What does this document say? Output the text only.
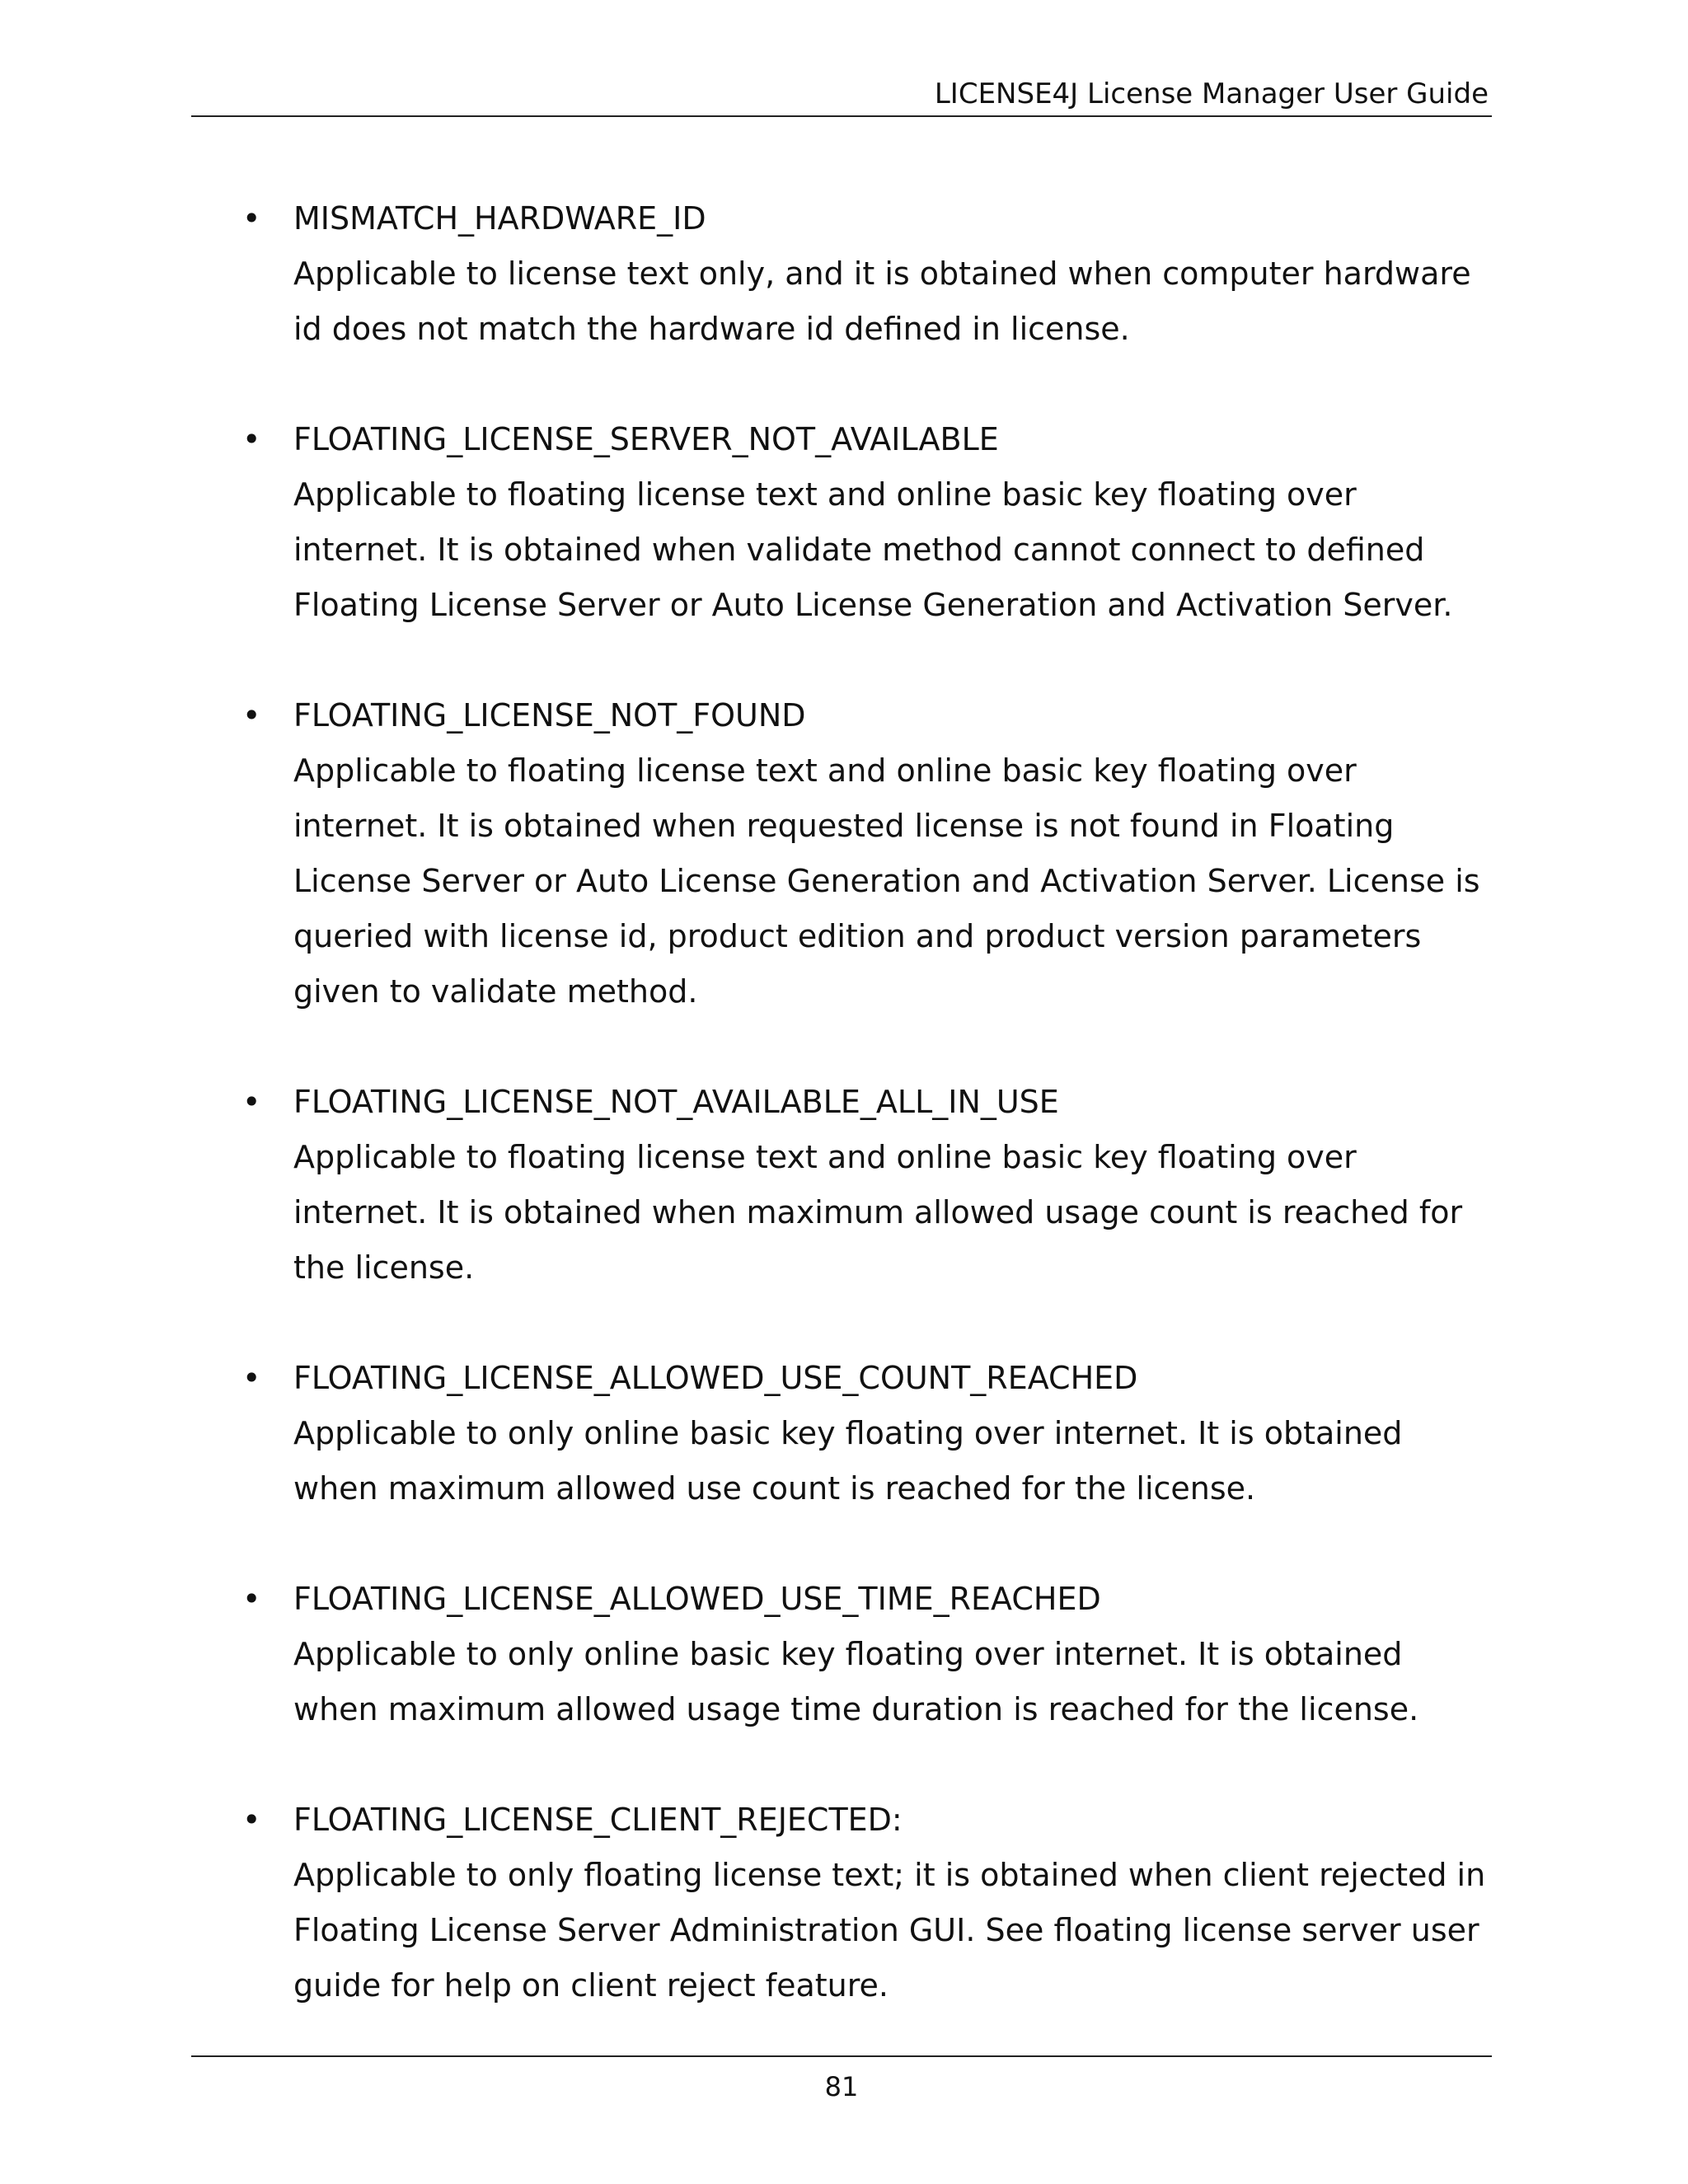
LICENSE4J License Manager User Guide
•	MISMATCH_HARDWARE_ID
Applicable to license text only, and it is obtained when computer hardware id does not match the hardware id defined in license.
•	FLOATING_LICENSE_SERVER_NOT_AVAILABLE
Applicable to floating license text and online basic key floating over internet. It is obtained when validate method cannot connect to defined Floating License Server or Auto License Generation and Activation Server.
•	FLOATING_LICENSE_NOT_FOUND
Applicable to floating license text and online basic key floating over internet. It is obtained when requested license is not found in Floating License Server or Auto License Generation and Activation Server. License is queried with license id, product edition and product version parameters given to validate method.
•	FLOATING_LICENSE_NOT_AVAILABLE_ALL_IN_USE
Applicable to floating license text and online basic key floating over internet. It is obtained when maximum allowed usage count is reached for the license.
•	FLOATING_LICENSE_ALLOWED_USE_COUNT_REACHED
Applicable to only online basic key floating over internet. It is obtained when maximum allowed use count is reached for the license.
•	FLOATING_LICENSE_ALLOWED_USE_TIME_REACHED
Applicable to only online basic key floating over internet. It is obtained when maximum allowed usage time duration is reached for the license.
•	FLOATING_LICENSE_CLIENT_REJECTED:
Applicable to only floating license text; it is obtained when client rejected in Floating License Server Administration GUI. See floating license server user guide for help on client reject feature.
81
